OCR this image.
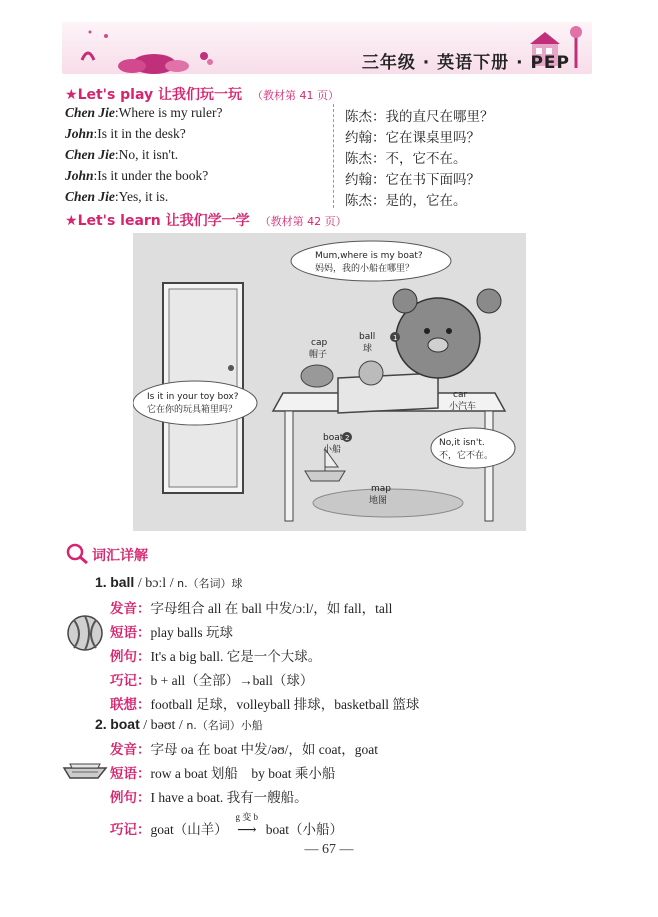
三年级 · 英语下册 · PEP
★Let's play 让我们玩一玩 （教材第 41 页）
Chen Jie:Where is my ruler?
John:Is it in the desk?
Chen Jie:No, it isn't.
John:Is it under the book?
Chen Jie:Yes, it is.
陈杰：我的直尺在哪里？
约翰：它在课桌里吗？
陈杰：不，它不在。
约翰：它在书下面吗？
陈杰：是的，它在。
★Let's learn 让我们学一学 （教材第 42 页）
Mum,where is my boat?
妈妈，我的小船在哪里？
Is it in your toy box?
它在你的玩具箱里吗？
No,it isn't.
不，它不在。
cap
帽子
ball
球
1
car
小汽车
boat
小船
2
map
地图
词汇详解
1. ball / bɔːl / n.（名词）球
发音：字母组合 all 在 ball 中发/ɔːl/，如 fall，tall
短语：play balls 玩球
例句：It's a big ball. 它是一个大球。
巧记：b + all（全部）→ball（球）
联想：football 足球，volleyball 排球，basketball 篮球
2. boat / bəʊt / n.（名词）小船
发音：字母 oa 在 boat 中发/əʊ/，如 coat，goat
短语：row a boat 划船　by boat 乘小船
例句：I have a boat. 我有一艘船。
巧记：goat（山羊）
g 变 b
⟶ boat（小船）
— 67 —
